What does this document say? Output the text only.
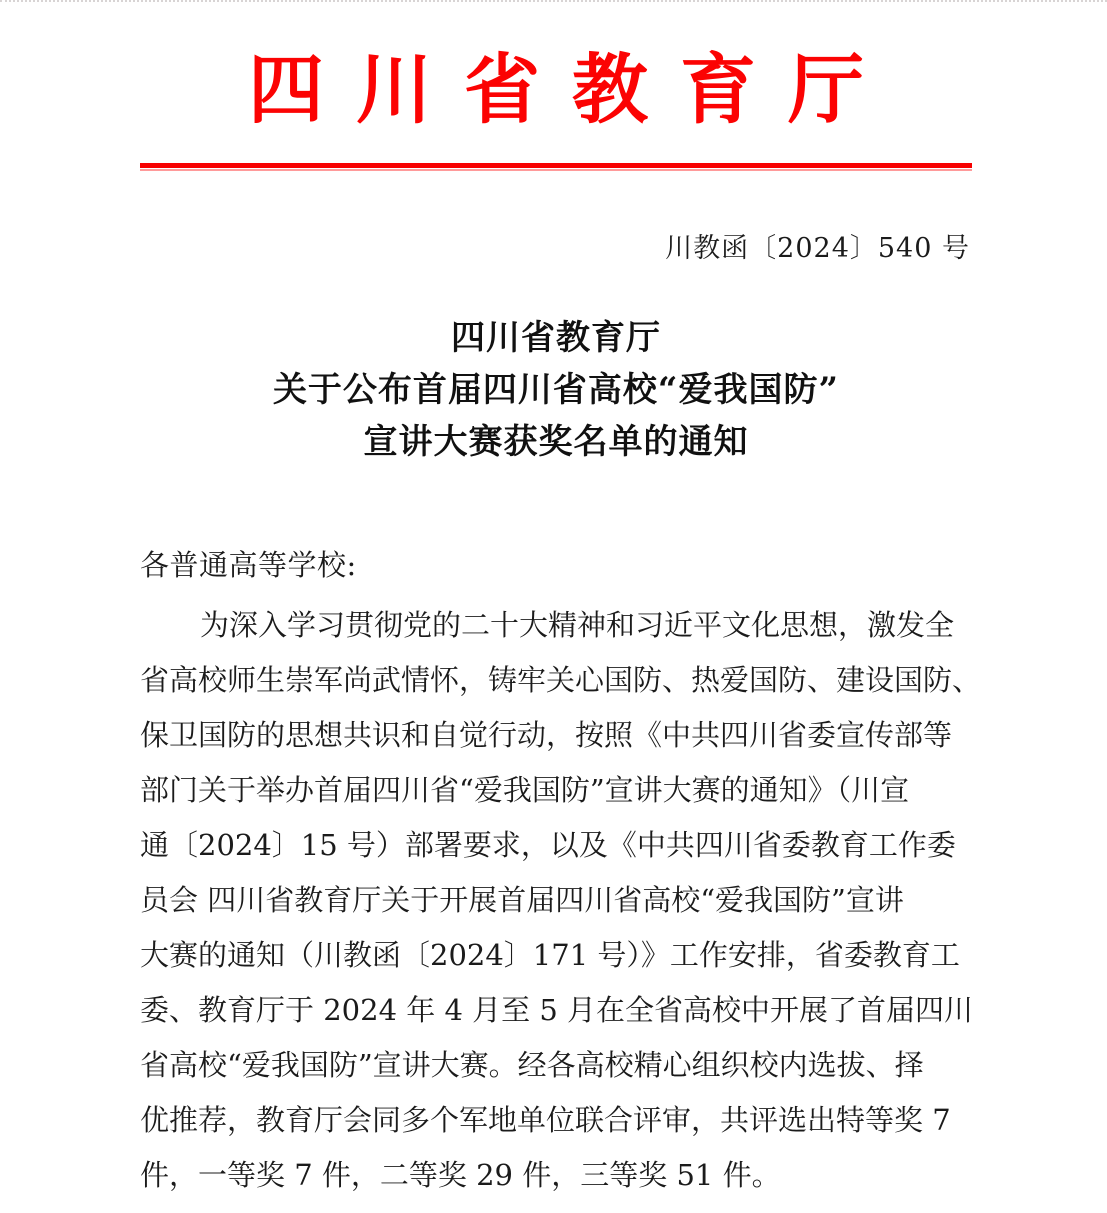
四川省教育厅
川教函〔2024〕540 号
四川省教育厅
关于公布首届四川省高校“爱我国防”
宣讲大赛获奖名单的通知
各普通高等学校:
为深入学习贯彻党的二十大精神和习近平文化思想，激发全
省高校师生崇军尚武情怀，铸牢关心国防、热爱国防、建设国防、
保卫国防的思想共识和自觉行动，按照《中共四川省委宣传部等
部门关于举办首届四川省“爱我国防”宣讲大赛的通知》（川宣
通〔2024〕15 号）部署要求，以及《中共四川省委教育工作委
员会 四川省教育厅关于开展首届四川省高校“爱我国防”宣讲
大赛的通知（川教函〔2024〕171 号）》工作安排，省委教育工
委、教育厅于 2024 年 4 月至 5 月在全省高校中开展了首届四川
省高校“爱我国防”宣讲大赛。经各高校精心组织校内选拔、择
优推荐，教育厅会同多个军地单位联合评审，共评选出特等奖 7
件，一等奖 7 件，二等奖 29 件，三等奖 51 件。
